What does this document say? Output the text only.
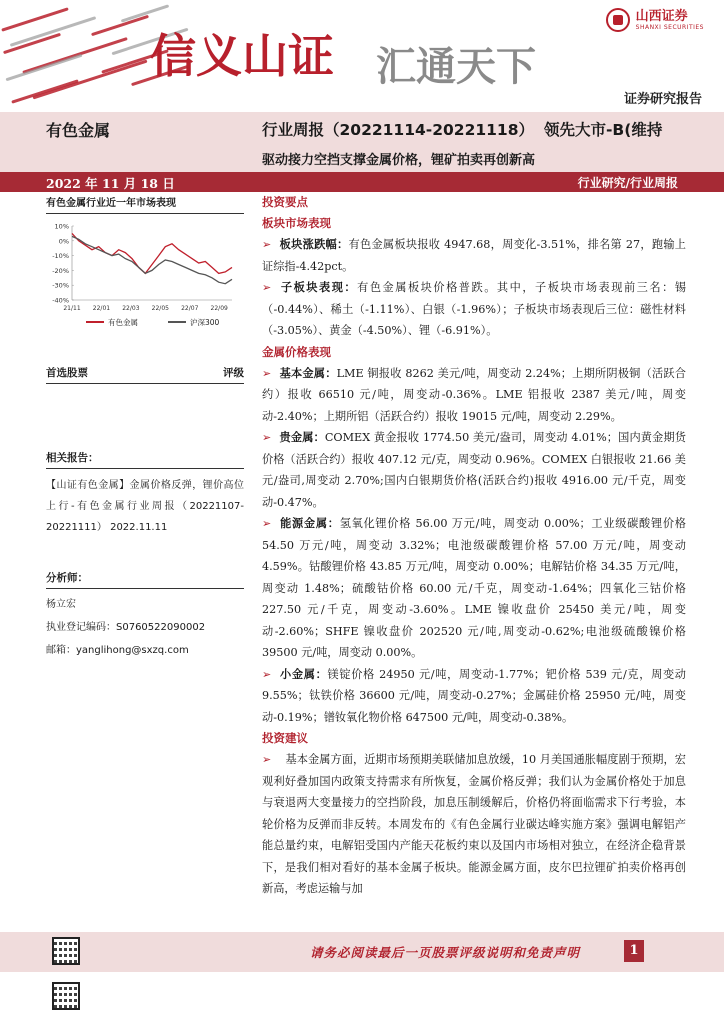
信义山证 汇通天下
山西证券
SHANXI SECURITIES
证券研究报告
有色金属	行业周报（20221114-20221118） 领先大市-B(维持
驱动接力空挡支撑金属价格，锂矿拍卖再创新高
2022 年 11 月 18 日	行业研究/行业周报
有色金属行业近一年市场表现
10%
0%
-10%
-20%
-30%
-40%
21/11 22/01 22/03 22/05 22/07 22/09
有色金属	沪深300
首选股票	评级
相关报告：
【山证有色金属】金属价格反弹，锂价高位上行-有色金属行业周报（20221107-20221111） 2022.11.11
分析师：
杨立宏
执业登记编码：S0760522090002
邮箱：yanglihong@sxzq.com
投资要点
板块市场表现
➢ 板块涨跌幅：有色金属板块报收 4947.68，周变化-3.51%，排名第 27，跑输上证综指-4.42pct。
➢ 子板块表现：有色金属板块价格普跌。其中，子板块市场表现前三名：锡（-0.44%）、稀土（-1.11%）、白银（-1.96%）；子板块市场表现后三位：磁性材料（-3.05%）、黄金（-4.50%）、锂（-6.91%）。
金属价格表现
➢ 基本金属：LME 铜报收 8262 美元/吨，周变动 2.24%；上期所阴极铜（活跃合约）报收 66510 元/吨，周变动-0.36%。LME 铝报收 2387 美元/吨，周变动-2.40%；上期所铝（活跃合约）报收 19015 元/吨，周变动 2.29%。
➢ 贵金属：COMEX 黄金报收 1774.50 美元/盎司，周变动 4.01%；国内黄金期货价格（活跃合约）报收 407.12 元/克，周变动 0.96%。COMEX 白银报收 21.66 美元/盎司,周变动 2.70%;国内白银期货价格(活跃合约)报收 4916.00 元/千克，周变动-0.47%。
➢ 能源金属：氢氧化锂价格 56.00 万元/吨，周变动 0.00%；工业级碳酸锂价格 54.50 万元/吨，周变动 3.32%；电池级碳酸锂价格 57.00 万元/吨，周变动 4.59%。钴酸锂价格 43.85 万元/吨，周变动 0.00%；电解钴价格 34.35 万元/吨，周变动 1.48%；硫酸钴价格 60.00 元/千克，周变动-1.64%；四氧化三钴价格 227.50 元/千克，周变动-3.60%。LME 镍收盘价 25450 美元/吨，周变动-2.60%；SHFE 镍收盘价 202520 元/吨,周变动-0.62%;电池级硫酸镍价格 39500 元/吨，周变动 0.00%。
➢ 小金属：镁锭价格 24950 元/吨，周变动-1.77%；钯价格 539 元/克，周变动 9.55%；钛铁价格 36600 元/吨，周变动-0.27%；金属硅价格 25950 元/吨，周变动-0.19%；镨钕氧化物价格 647500 元/吨，周变动-0.38%。
投资建议
➢ 基本金属方面，近期市场预期美联储加息放缓，10 月美国通胀幅度剧于预期，宏观利好叠加国内政策支持需求有所恢复，金属价格反弹；我们认为金属价格处于加息与衰退两大变量接力的空挡阶段，加息压制缓解后，价格仍将面临需求下行考验，本轮价格为反弹而非反转。本周发布的《有色金属行业碳达峰实施方案》强调电解铝产能总量约束，电解铝受国内产能天花板约束以及国内市场相对独立，在经济企稳背景下，是我们相对看好的基本金属子板块。能源金属方面，皮尔巴拉锂矿拍卖价格再创新高，考虑运输与加
请务必阅读最后一页股票评级说明和免责声明	1
